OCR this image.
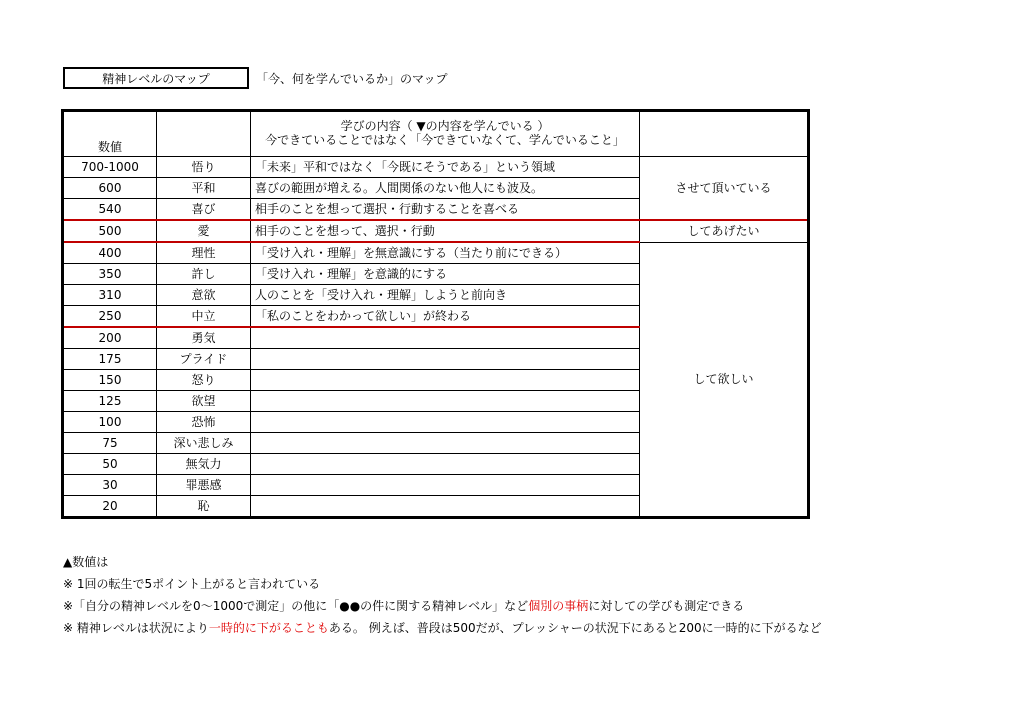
精神レベルのマップ	「今、何を学んでいるか」のマップ
数値		学びの内容（ ▼の内容を学んでいる ）
今できていることではなく「今できていなくて、学んでいること」	

700-1000	悟り	「未来」平和ではなく「今既にそうである」という領域	させて頂いている
600	平和	喜びの範囲が増える。人間関係のない他人にも波及。	
540	喜び	相手のことを想って選択・行動することを喜べる	
500	愛	相手のことを想って、選択・行動	してあげたい
400	理性	「受け入れ・理解」を無意識にする（当たり前にできる）	して欲しい
350	許し	「受け入れ・理解」を意識的にする	
310	意欲	人のことを「受け入れ・理解」しようと前向き	
250	中立	「私のことをわかって欲しい」が終わる	
200	勇気		
175	プライド		
150	怒り		
125	欲望		
100	恐怖		
75	深い悲しみ		
50	無気力		
30	罪悪感		
20	恥		
▲数値は
※ 1回の転生で5ポイント上がると言われている
※「自分の精神レベルを0～1000で測定」の他に「●●の件に関する精神レベル」など個別の事柄に対しての学びも測定できる
※ 精神レベルは状況により一時的に下がることもある。 例えば、普段は500だが、プレッシャーの状況下にあると200に一時的に下がるなど
